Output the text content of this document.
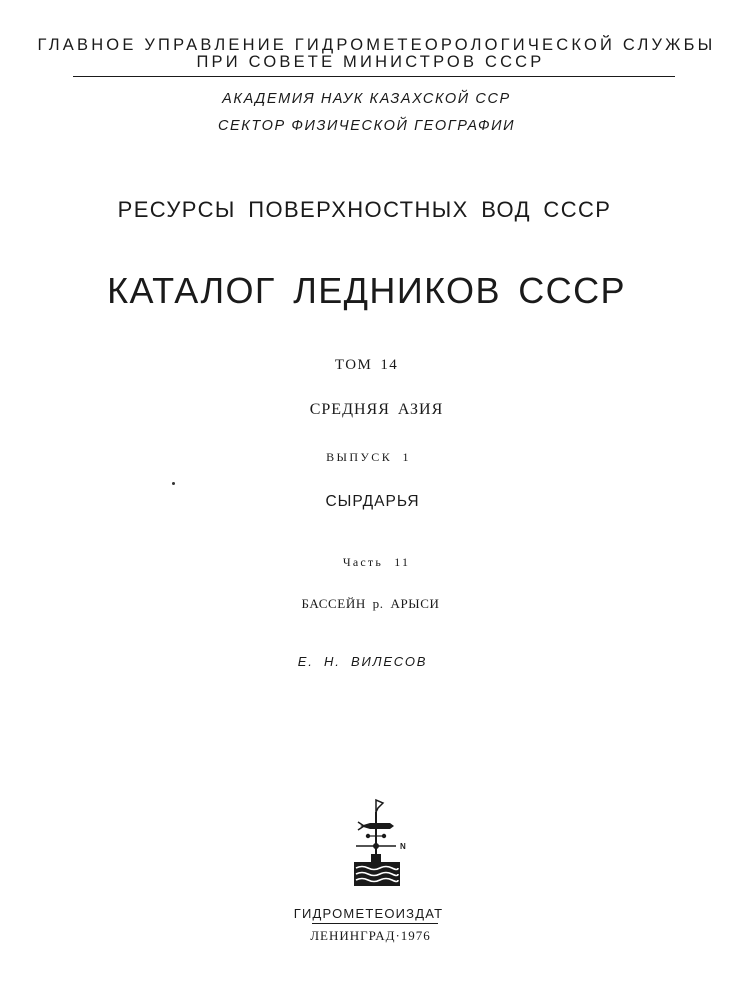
ГЛАВНОЕ УПРАВЛЕНИЕ ГИДРОМЕТЕОРОЛОГИЧЕСКОЙ СЛУЖБЫ
ПРИ СОВЕТЕ МИНИСТРОВ СССР
АКАДЕМИЯ НАУК КАЗАХСКОЙ ССР
СЕКТОР ФИЗИЧЕСКОЙ ГЕОГРАФИИ
РЕСУРСЫ ПОВЕРХНОСТНЫХ ВОД СССР
КАТАЛОГ ЛЕДНИКОВ СССР
ТОМ 14
СРЕДНЯЯ АЗИЯ
ВЫПУСК 1
СЫРДАРЬЯ
Часть 11
БАССЕЙН р. АРЫСИ
Е. Н. ВИЛЕСОВ
N
ГИДРОМЕТЕОИЗДАТ
ЛЕНИНГРАД·1976
